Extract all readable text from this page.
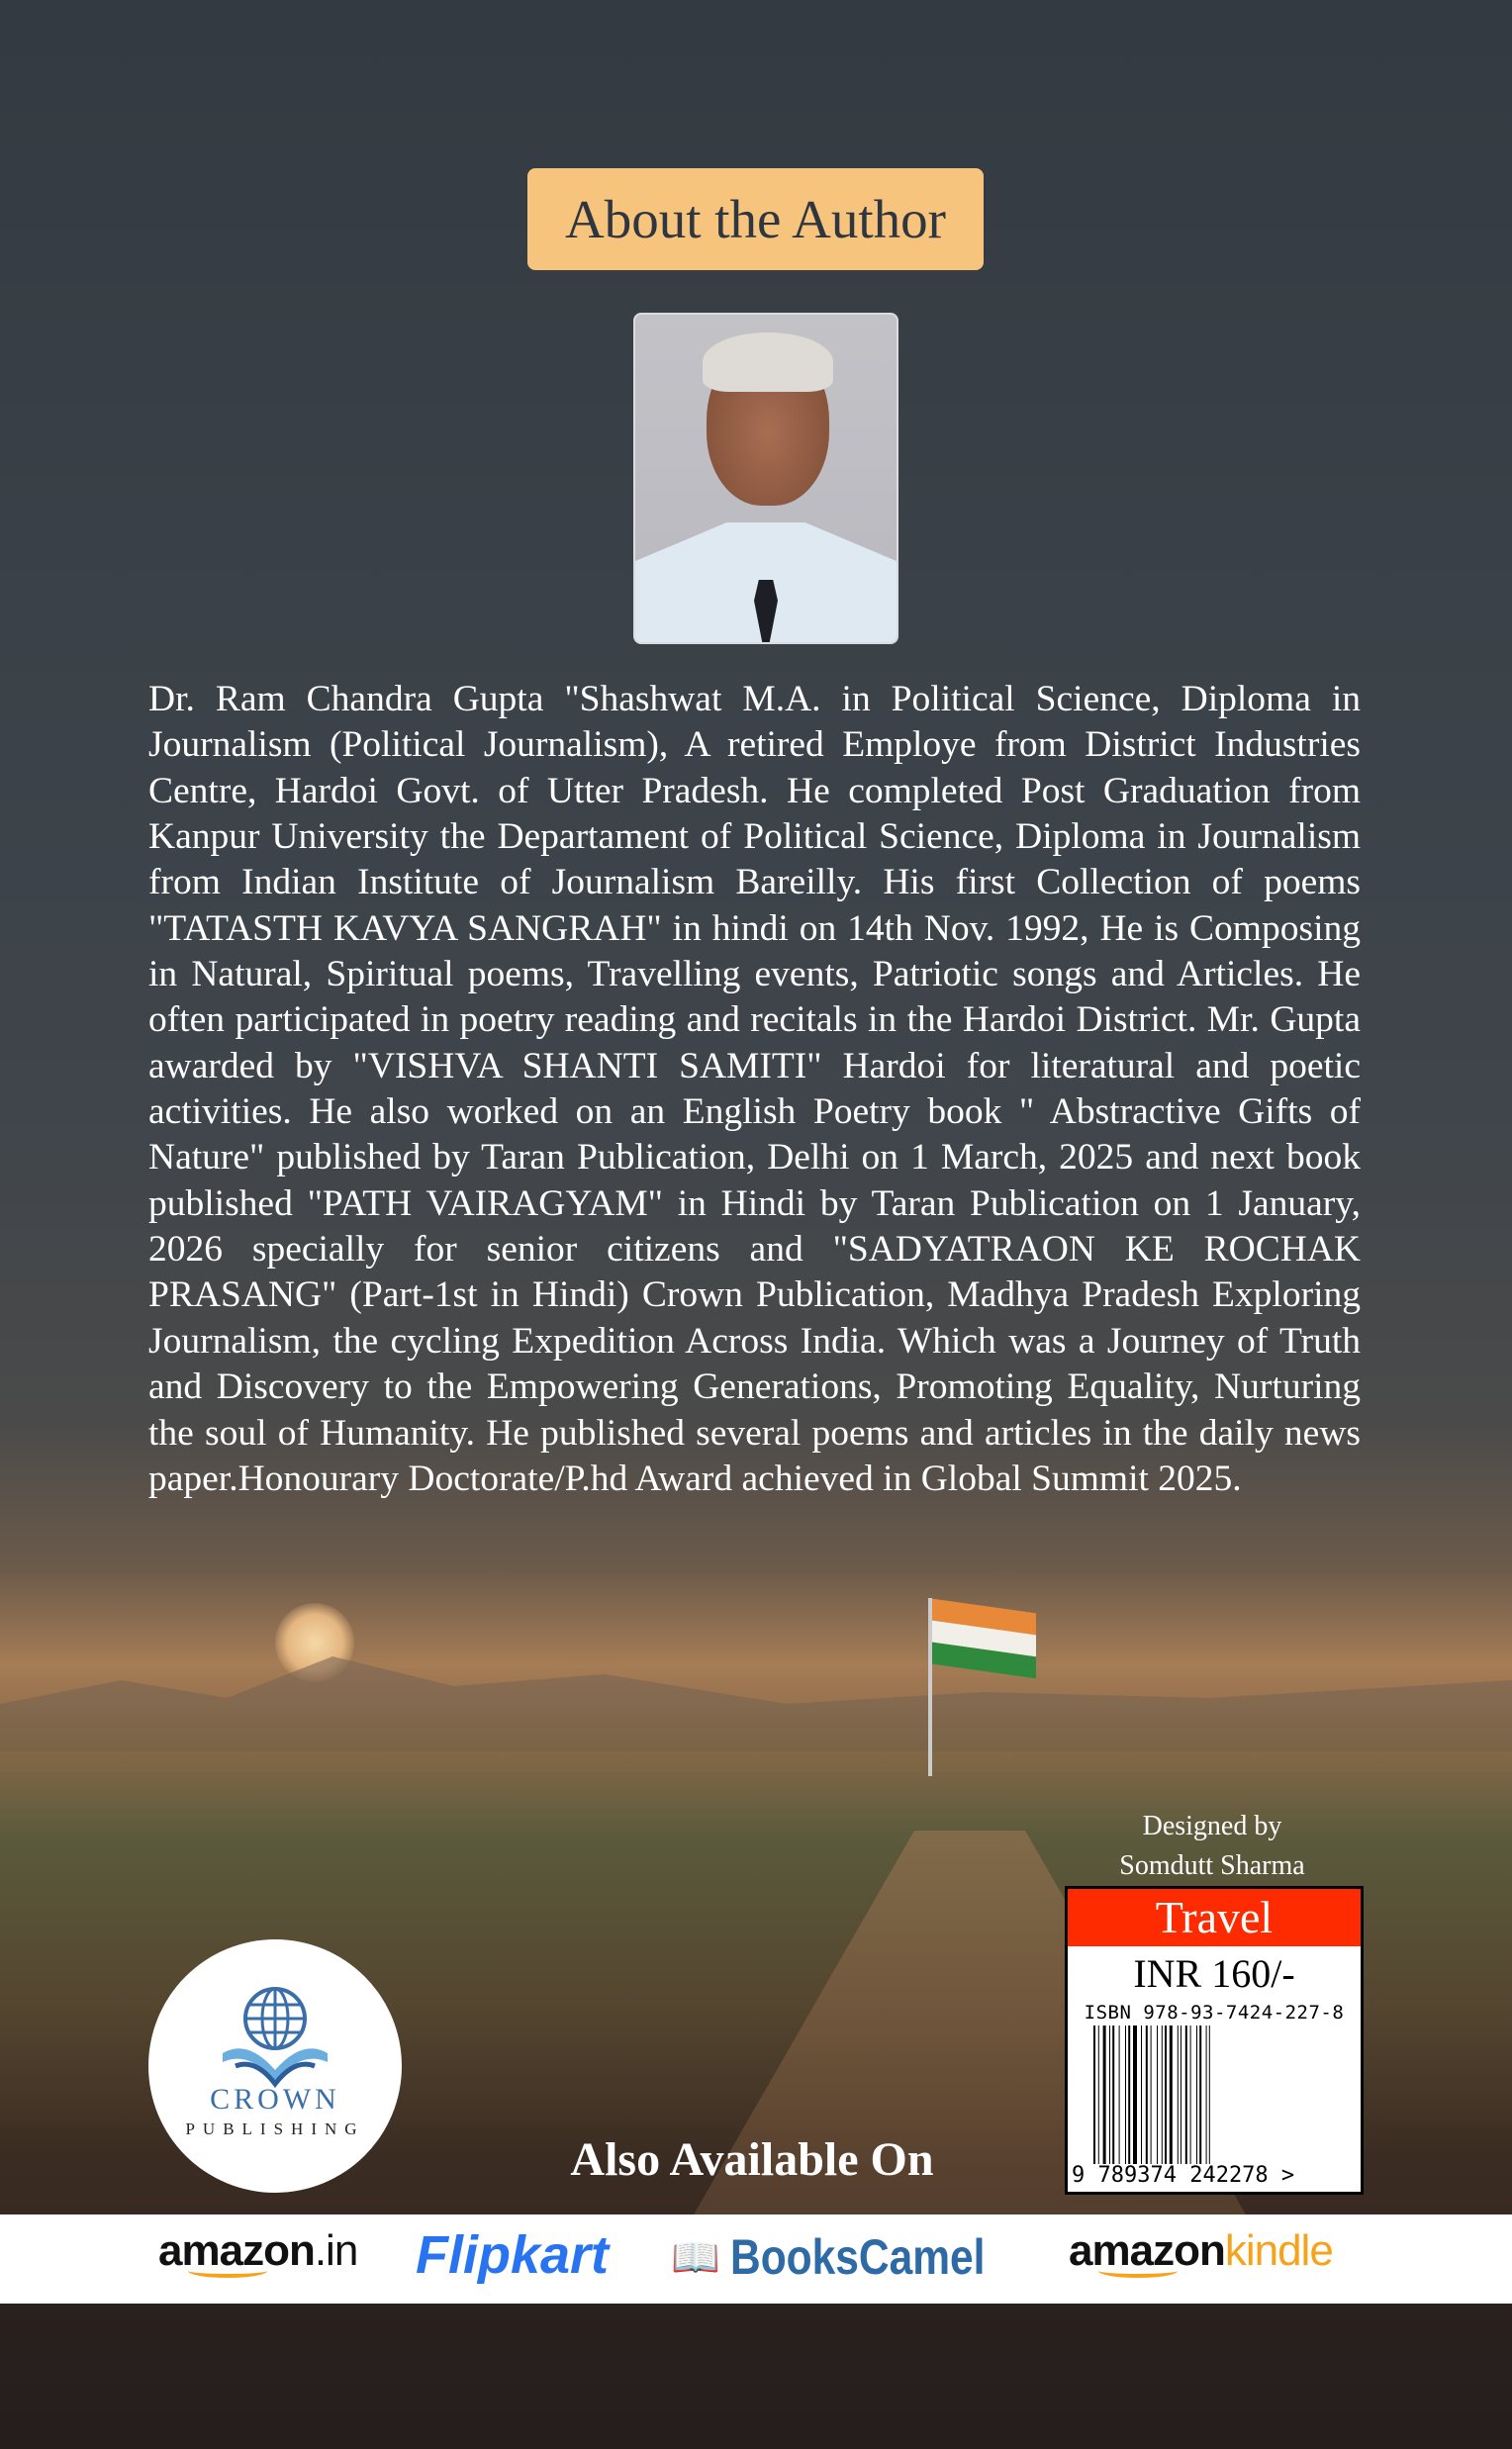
About the Author
Dr. Ram Chandra Gupta "Shashwat M.A. in Political Science, Diploma in
Journalism (Political Journalism), A retired Employe from District Industries
Centre, Hardoi Govt. of Utter Pradesh. He completed Post Graduation from
Kanpur University the Departament of Political Science, Diploma in Journalism
from Indian Institute of Journalism Bareilly. His first Collection of poems
"TATASTH KAVYA SANGRAH" in hindi on 14th Nov. 1992, He is Composing
in Natural, Spiritual poems, Travelling events, Patriotic songs and Articles. He
often participated in poetry reading and recitals in the Hardoi District. Mr. Gupta
awarded by "VISHVA SHANTI SAMITI" Hardoi for literatural and poetic
activities. He also worked on an English Poetry book " Abstractive Gifts of
Nature" published by Taran Publication, Delhi on 1 March, 2025 and next book
published "PATH VAIRAGYAM" in Hindi by Taran Publication on 1 January,
2026 specially for senior citizens and "SADYATRAON KE ROCHAK
PRASANG" (Part-1st in Hindi) Crown Publication, Madhya Pradesh Exploring
Journalism, the cycling Expedition Across India. Which was a Journey of Truth
and Discovery to the Empowering Generations, Promoting Equality, Nurturing
the soul of Humanity. He published several poems and articles in the daily news
paper.Honourary Doctorate/P.hd Award achieved in Global Summit 2025.
Designed by
Somdutt Sharma
Travel
INR 160/-
ISBN 978-93-7424-227-8
9 789374 242278 >
CROWN
PUBLISHING
Also Available On
amazon.in Flipkart 📖 BooksCamel amazonkindle
